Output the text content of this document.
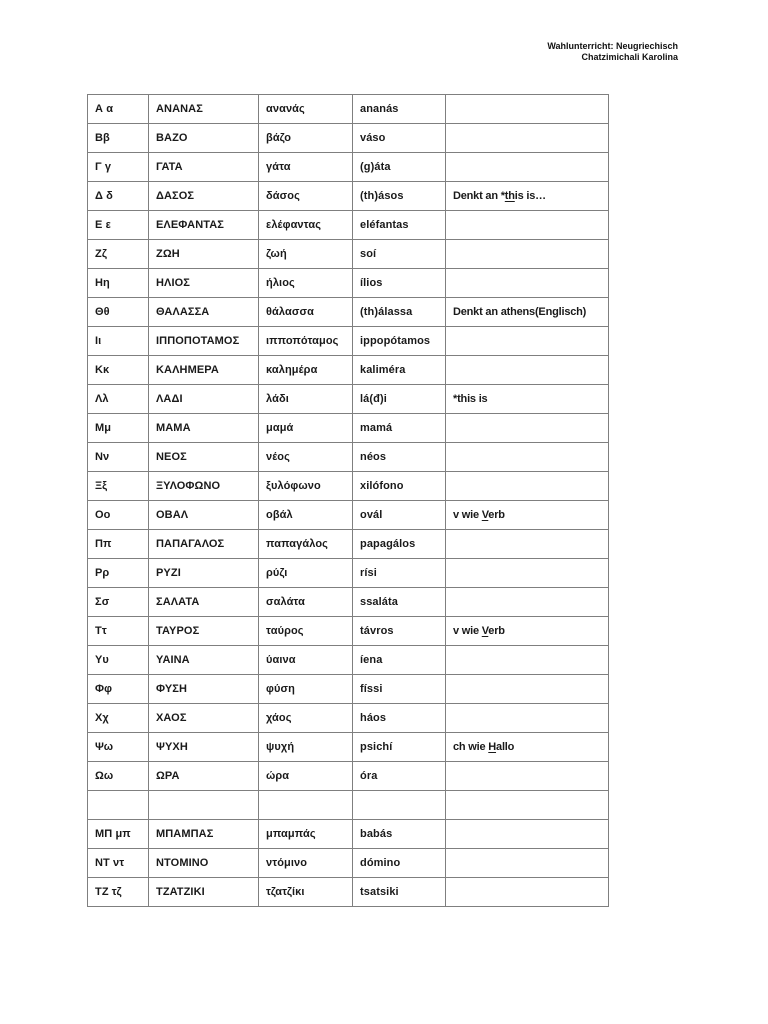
Wahlunterricht: Neugriechisch
Chatzimichali Karolina
Α α	ΑΝΑΝΑΣ	ανανάς	ananás	
Ββ	ΒΑΖΟ	βάζο	váso	
Γ γ	ΓΑΤΑ	γάτα	(g)áta	
Δ δ	ΔΑΣΟΣ	δάσος	(th)ásos	Denkt an *this is…
Ε ε	ΕΛΕΦΑΝΤΑΣ	ελέφαντας	eléfantas	
Ζζ	ΖΩΗ	ζωή	soí	
Ηη	ΗΛΙΟΣ	ήλιος	ílios	
Θθ	ΘΑΛΑΣΣΑ	θάλασσα	(th)álassa	Denkt an athens(Englisch)
Ιι	ΙΠΠΟΠΟΤΑΜΟΣ	ιπποπόταμος	ippopótamos	
Κκ	ΚΑΛΗΜΕΡΑ	καλημέρα	kaliméra	
Λλ	ΛΑΔΙ	λάδι	lá(đ)i	*this is
Μμ	ΜΑΜΑ	μαμά	mamá	
Νν	ΝΕΟΣ	νέος	néos	
Ξξ	ΞΥΛΟΦΩΝΟ	ξυλόφωνο	xilófono	
Οο	ΟΒΑΛ	οβάλ	ovál	v wie Verb
Ππ	ΠΑΠΑΓΑΛΟΣ	παπαγάλος	papagálos	
Ρρ	ΡΥΖΙ	ρύζι	rísi	
Σσ	ΣΑΛΑΤΑ	σαλάτα	ssaláta	
Ττ	ΤΑΥΡΟΣ	ταύρος	távros	v wie Verb
Υυ	ΥΑΙΝΑ	ύαινα	íena	
Φφ	ΦΥΣΗ	φύση	físsi	
Χχ	ΧΑΟΣ	χάος	háos	
Ψω	ΨΥΧΗ	ψυχή	psichí	ch wie Hallo
Ωω	ΩΡΑ	ώρα	óra	

ΜΠ μπ	ΜΠΑΜΠΑΣ	μπαμπάς	babás	
ΝΤ ντ	ΝΤΟΜΙΝΟ	ντόμινο	dómino	
ΤΖ τζ	ΤΖΑΤΖΙΚΙ	τζατζίκι	tsatsiki	
